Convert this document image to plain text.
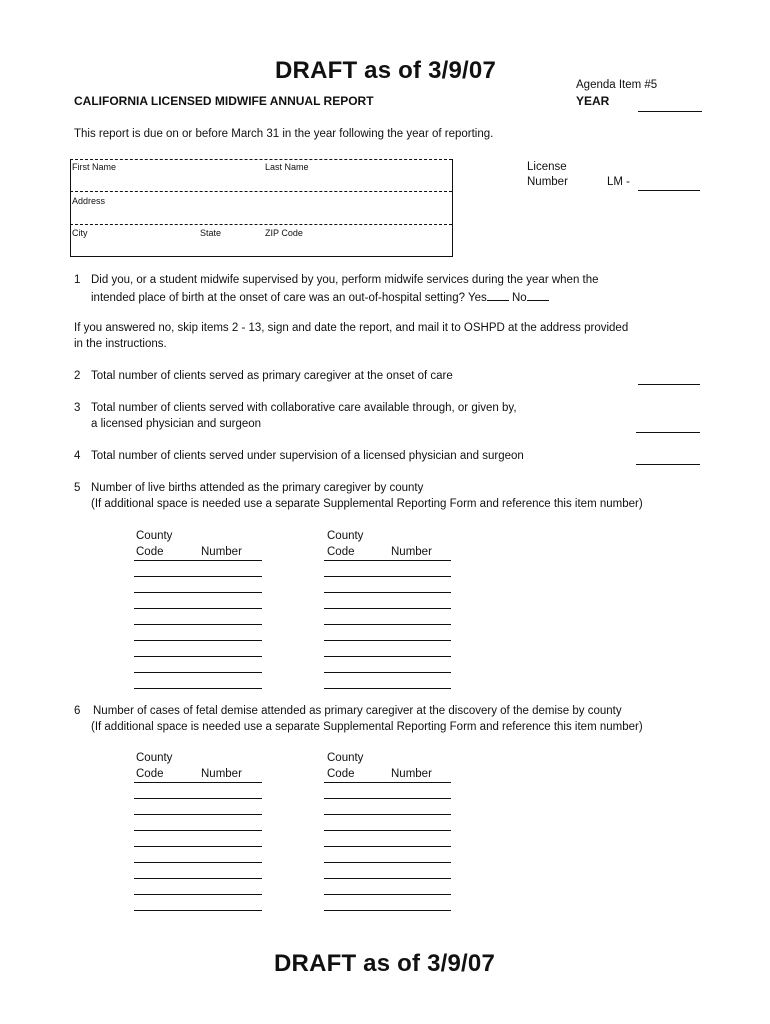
DRAFT as of 3/9/07
Agenda Item #5
YEAR
CALIFORNIA LICENSED MIDWIFE ANNUAL REPORT
This report is due on or before March 31 in the year following the year of reporting.
First Name	Last Name
Address
City	State	ZIP Code
License
Number	LM -
1 Did you, or a student midwife supervised by you, perform midwife services during the year when the
intended place of birth at the onset of care was an out-of-hospital setting? Yes No
If you answered no, skip items 2 - 13, sign and date the report, and mail it to OSHPD at the address provided
in the instructions.
2 Total number of clients served as primary caregiver at the onset of care
3 Total number of clients served with collaborative care available through, or given by,
a licensed physician and surgeon
4 Total number of clients served under supervision of a licensed physician and surgeon
5 Number of live births attended as the primary caregiver by county
(If additional space is needed use a separate Supplemental Reporting Form and reference this item number)
County
Code	Number
County
Code	Number
6 Number of cases of fetal demise attended as primary caregiver at the discovery of the demise by county
(If additional space is needed use a separate Supplemental Reporting Form and reference this item number)
County
Code	Number
County
Code	Number
DRAFT as of 3/9/07
